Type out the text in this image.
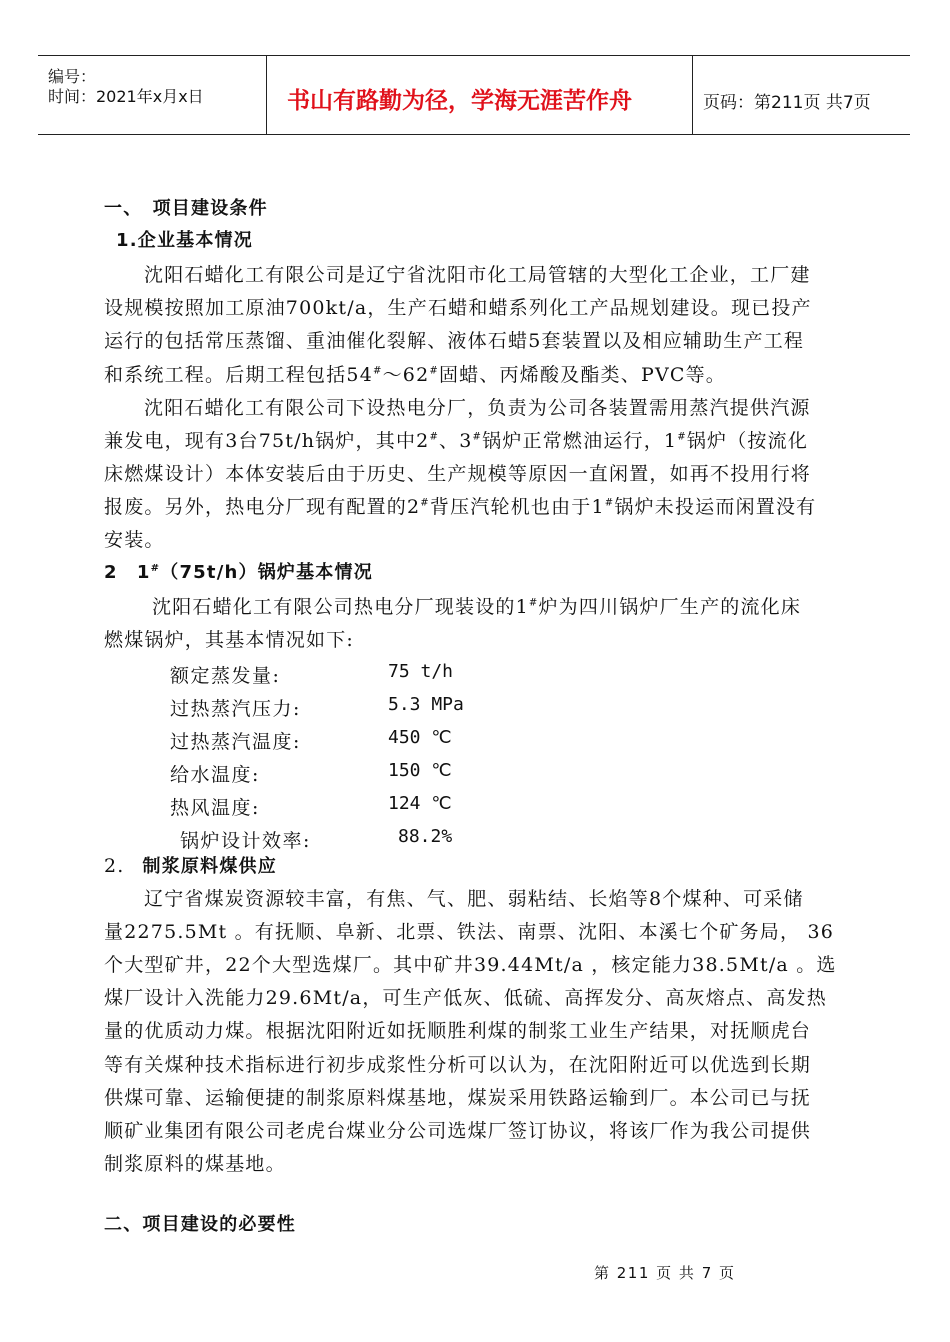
编号：
时间：2021年x月x日	书山有路勤为径，学海无涯苦作舟	页码：第211页 共7页
一、　项目建设条件
1.企业基本情况
沈阳石蜡化工有限公司是辽宁省沈阳市化工局管辖的大型化工企业，工厂建
设规模按照加工原油700kt/a，生产石蜡和蜡系列化工产品规划建设。现已投产
运行的包括常压蒸馏、重油催化裂解、液体石蜡5套装置以及相应辅助生产工程
和系统工程。后期工程包括54#～62#固蜡、丙烯酸及酯类、PVC等。
沈阳石蜡化工有限公司下设热电分厂，负责为公司各装置需用蒸汽提供汽源
兼发电，现有3台75t/h锅炉，其中2#、3#锅炉正常燃油运行，1#锅炉（按流化
床燃煤设计）本体安装后由于历史、生产规模等原因一直闲置，如再不投用行将
报废。另外，热电分厂现有配置的2#背压汽轮机也由于1#锅炉未投运而闲置没有
安装。
2　1#（75t/h）锅炉基本情况
沈阳石蜡化工有限公司热电分厂现装设的1#炉为四川锅炉厂生产的流化床
燃煤锅炉，其基本情况如下:
额定蒸发量:	75 t/h
过热蒸汽压力:	5.3 MPa
过热蒸汽温度:	450 ℃
给水温度:	150 ℃
热风温度:	124 ℃
锅炉设计效率:	88.2%
2. 制浆原料煤供应
辽宁省煤炭资源较丰富，有焦、气、肥、弱粘结、长焰等8个煤种、可采储
量2275.5Mt 。有抚顺、阜新、北票、铁法、南票、沈阳、本溪七个矿务局， 36
个大型矿井，22个大型选煤厂。其中矿井39.44Mt/a ，核定能力38.5Mt/a 。选
煤厂设计入洗能力29.6Mt/a，可生产低灰、低硫、高挥发分、高灰熔点、高发热
量的优质动力煤。根据沈阳附近如抚顺胜利煤的制浆工业生产结果，对抚顺虎台
等有关煤种技术指标进行初步成浆性分析可以认为，在沈阳附近可以优选到长期
供煤可靠、运输便捷的制浆原料煤基地，煤炭采用铁路运输到厂。本公司已与抚
顺矿业集团有限公司老虎台煤业分公司选煤厂签订协议，将该厂作为我公司提供
制浆原料的煤基地。
二、项目建设的必要性
第 211 页 共 7 页
